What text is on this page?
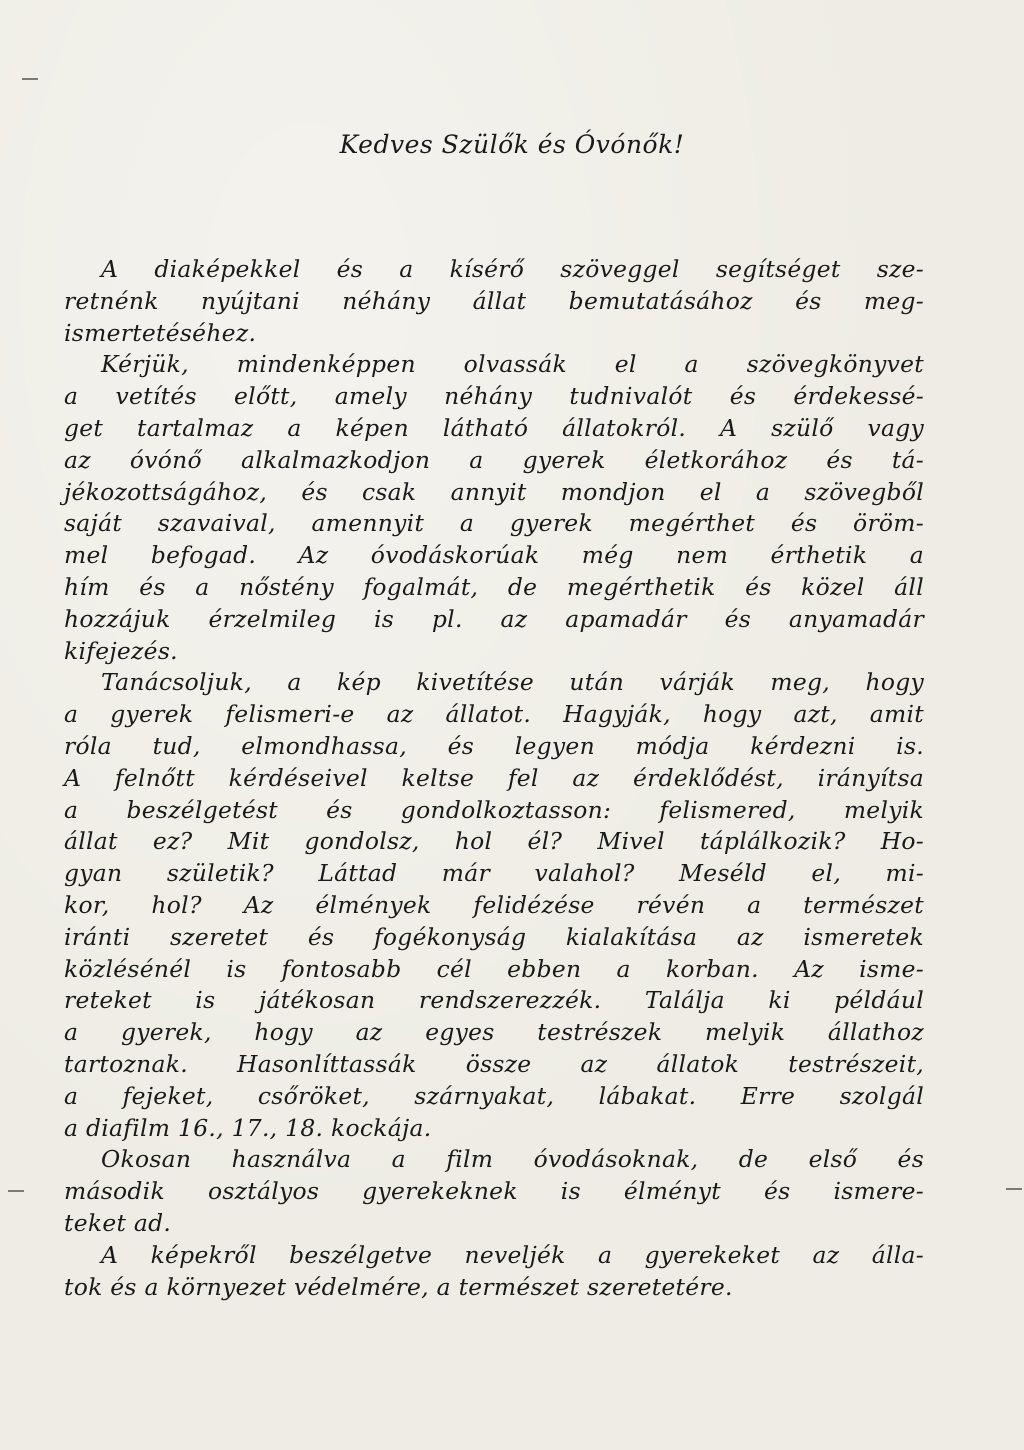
Kedves Szülők és Óvónők!
A diaképekkel és a kísérő szöveggel segítséget sze-
retnénk nyújtani néhány állat bemutatásához és meg-
ismertetéséhez.
Kérjük, mindenképpen olvassák el a szövegkönyvet
a vetítés előtt, amely néhány tudnivalót és érdekessé-
get tartalmaz a képen látható állatokról. A szülő vagy
az óvónő alkalmazkodjon a gyerek életkorához és tá-
jékozottságához, és csak annyit mondjon el a szövegből
saját szavaival, amennyit a gyerek megérthet és öröm-
mel befogad. Az óvodáskorúak még nem érthetik a
hím és a nőstény fogalmát, de megérthetik és közel áll
hozzájuk érzelmileg is pl. az apamadár és anyamadár
kifejezés.
Tanácsoljuk, a kép kivetítése után várják meg, hogy
a gyerek felismeri-e az állatot. Hagyják, hogy azt, amit
róla tud, elmondhassa, és legyen módja kérdezni is.
A felnőtt kérdéseivel keltse fel az érdeklődést, irányítsa
a beszélgetést és gondolkoztasson: felismered, melyik
állat ez? Mit gondolsz, hol él? Mivel táplálkozik? Ho-
gyan születik? Láttad már valahol? Meséld el, mi-
kor, hol? Az élmények felidézése révén a természet
iránti szeretet és fogékonyság kialakítása az ismeretek
közlésénél is fontosabb cél ebben a korban. Az isme-
reteket is játékosan rendszerezzék. Találja ki például
a gyerek, hogy az egyes testrészek melyik állathoz
tartoznak. Hasonlíttassák össze az állatok testrészeit,
a fejeket, csőröket, szárnyakat, lábakat. Erre szolgál
a diafilm 16., 17., 18. kockája.
Okosan használva a film óvodásoknak, de első és
második osztályos gyerekeknek is élményt és ismere-
teket ad.
A képekről beszélgetve neveljék a gyerekeket az álla-
tok és a környezet védelmére, a természet szeretetére.
